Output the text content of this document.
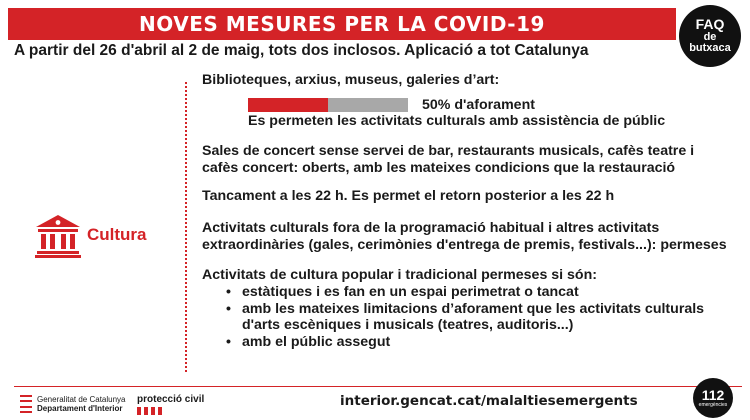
NOVES MESURES PER LA COVID-19	FAQ
de
butxaca
A partir del 26 d'abril al 2 de maig, tots dos inclosos. Aplicació a tot Catalunya
Cultura
Biblioteques, arxius, museus, galeries d’art:
Es permeten les activitats culturals amb assistència de públic
Sales de concert sense servei de bar, restaurants musicals, cafès teatre i cafès concert: oberts, amb les mateixes condicions que la restauració
Tancament a les 22 h. Es permet el retorn posterior a les 22 h
Activitats culturals fora de la programació habitual i altres activitats extraordinàries (gales, cerimònies d'entrega de premis, festivals...): permeses
Activitats de cultura popular i tradicional permeses si són:
• estàtiques i es fan en un espai perimetrat o tancat
• amb les mateixes limitacions d’aforament que les activitats culturals d'arts escèniques i musicals (teatres, auditoris...)
• amb el públic assegut
50% d'aforament
Generalitat de Catalunya
Departament d'Interior
protecció civil	interior.gencat.cat/malaltiesemergents	112
emergències
